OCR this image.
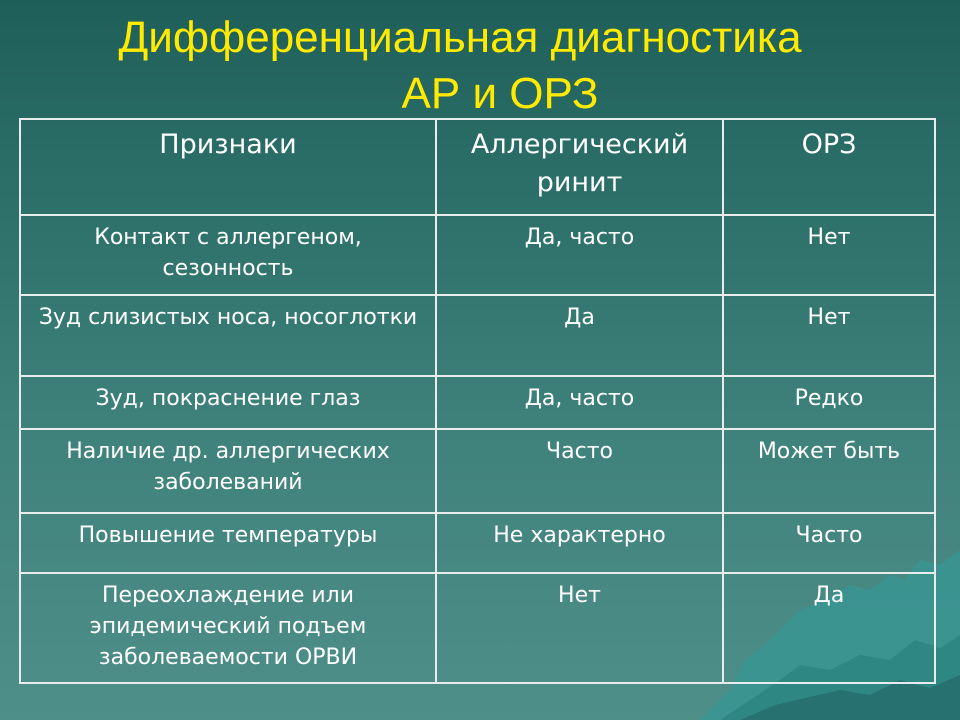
Дифференциальная диагностика
АР и ОРЗ
Признаки	Аллергический ринит	ОРЗ
Контакт с аллергеном, сезонность	Да, часто	Нет
Зуд слизистых носа, носоглотки	Да	Нет
Зуд, покраснение глаз	Да, часто	Редко
Наличие др. аллергических заболеваний	Часто	Может быть
Повышение температуры	Не характерно	Часто
Переохлаждение или эпидемический подъем заболеваемости ОРВИ	Нет	Да
